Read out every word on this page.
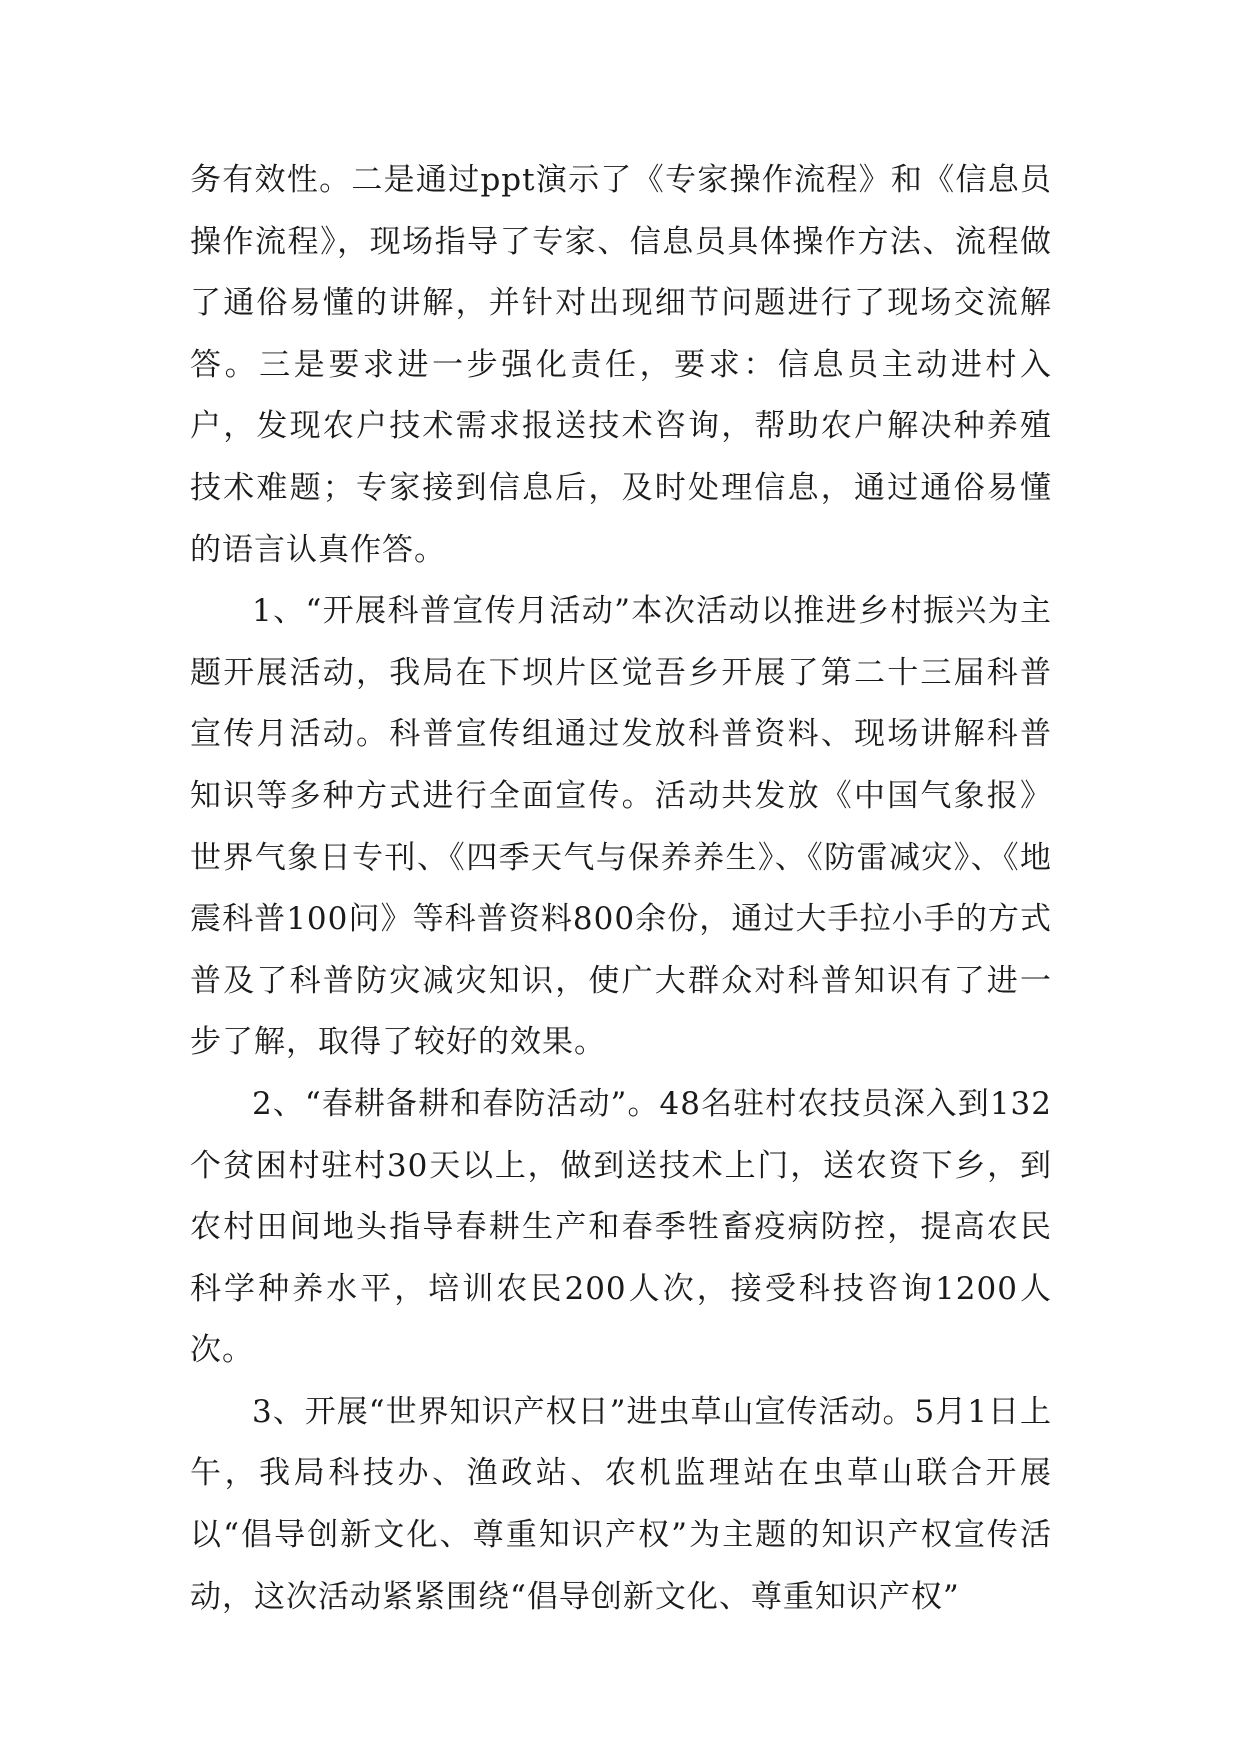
务有效性。二是通过ppt演示了《专家操作流程》和《信息员操作流程》，现场指导了专家、信息员具体操作方法、流程做了通俗易懂的讲解，并针对出现细节问题进行了现场交流解答。三是要求进一步强化责任，要求：信息员主动进村入户，发现农户技术需求报送技术咨询，帮助农户解决种养殖技术难题；专家接到信息后，及时处理信息，通过通俗易懂的语言认真作答。

1、“开展科普宣传月活动”本次活动以推进乡村振兴为主题开展活动，我局在下坝片区觉吾乡开展了第二十三届科普宣传月活动。科普宣传组通过发放科普资料、现场讲解科普知识等多种方式进行全面宣传。活动共发放《中国气象报》世界气象日专刊、《四季天气与保养养生》、《防雷减灾》、《地震科普100问》等科普资料800余份，通过大手拉小手的方式普及了科普防灾减灾知识，使广大群众对科普知识有了进一步了解，取得了较好的效果。

2、“春耕备耕和春防活动”。48名驻村农技员深入到132个贫困村驻村30天以上，做到送技术上门，送农资下乡，到农村田间地头指导春耕生产和春季牲畜疫病防控，提高农民科学种养水平，培训农民200人次，接受科技咨询1200人次。

3、开展“世界知识产权日”进虫草山宣传活动。5月1日上午，我局科技办、渔政站、农机监理站在虫草山联合开展以“倡导创新文化、尊重知识产权”为主题的知识产权宣传活动，这次活动紧紧围绕“倡导创新文化、尊重知识产权”
